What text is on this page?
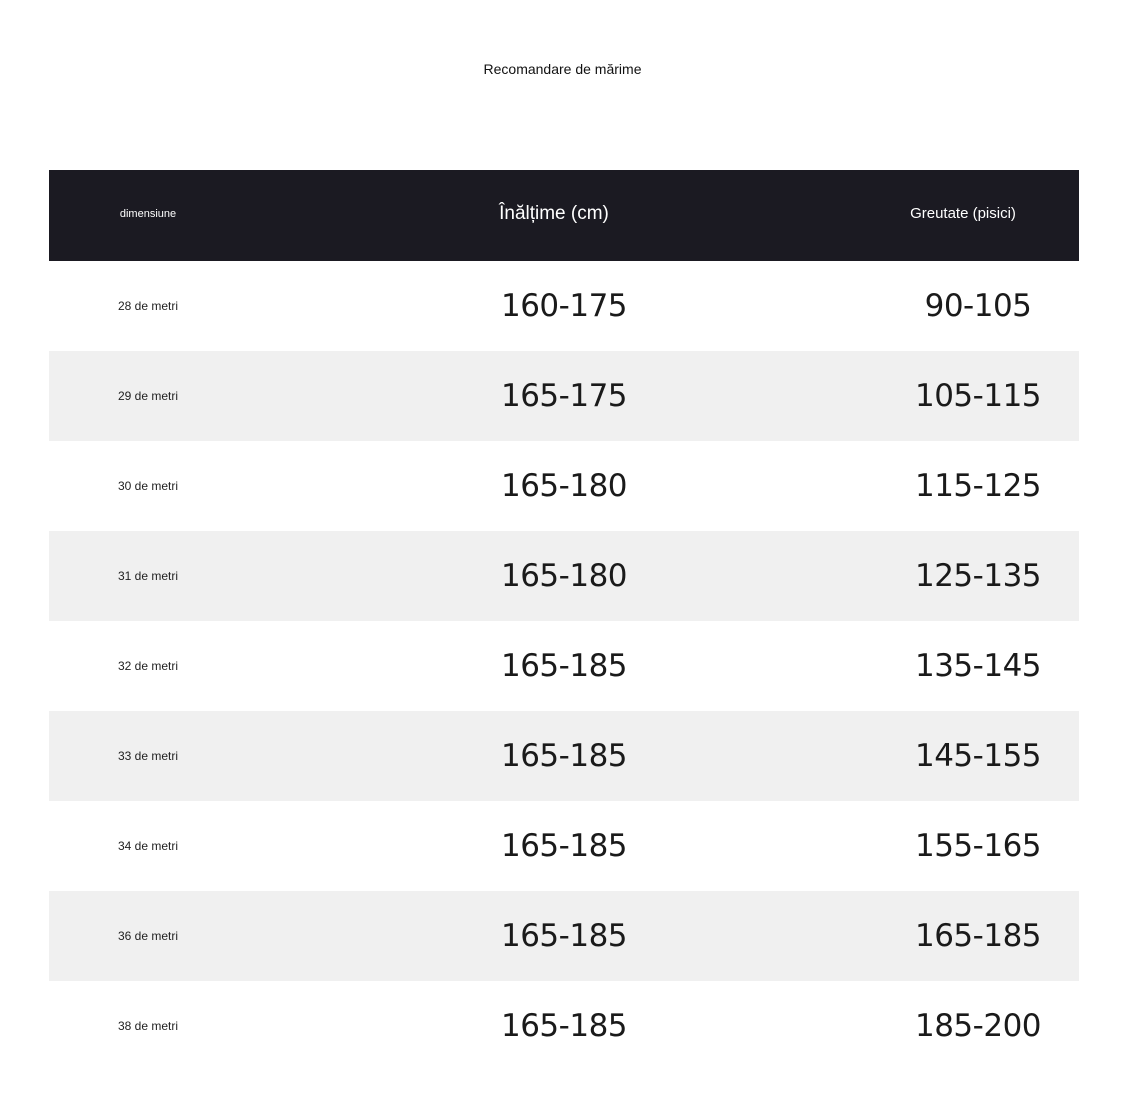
Recomandare de mărime
dimensiune	Înălțime (cm)	Greutate (pisici)
28 de metri	160-175	90-105
29 de metri	165-175	105-115
30 de metri	165-180	115-125
31 de metri	165-180	125-135
32 de metri	165-185	135-145
33 de metri	165-185	145-155
34 de metri	165-185	155-165
36 de metri	165-185	165-185
38 de metri	165-185	185-200
